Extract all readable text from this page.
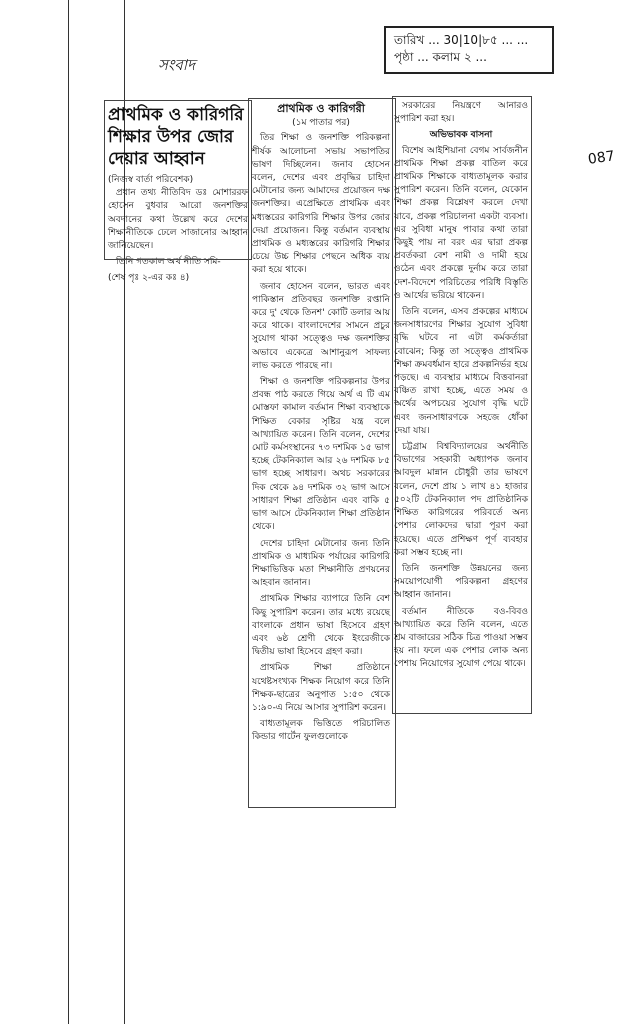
তারিখ ... 30|10|৮৫ ... ...
পৃষ্ঠা ... কলাম ২ ...
সংবাদ
087
প্রাথমিক ও কারিগরি শিক্ষার উপর জোর দেয়ার আহ্বান
(নিজস্ব বার্তা পরিবেশক)

প্রধান তথ্য নীতিবিদ ডঃ মোশাররফ হোসেন বুধবার আরো জনশক্তির অবদানের কথা উল্লেখ করে দেশের শিক্ষানীতিকে ঢেলে সাজানোর আহ্বান জানিয়েছেন।

তিনি গতকাল অর্থ নীতি সমি-

(শেষ পৃঃ ২-এর কঃ ৪)
প্রাথমিক ও কারিগরী
(১ম পাতার পর)

তির শিক্ষা ও জনশক্তি পরিকল্পনা শীর্ষক আলোচনা সভায় সভাপতির ভাষণ দিচ্ছিলেন। জনাব হোসেন বলেন, দেশের এবং প্রবৃদ্ধির চাহিদা মেটানোর জন্য আমাদের প্রয়োজন দক্ষ জনশক্তির। এপ্রেক্ষিতে প্রাথমিক এবং মধ্যস্তরের কারিগরি শিক্ষার উপর জোর দেয়া প্রয়োজন। কিন্তু বর্তমান ব্যবস্থায় প্রাথমিক ও মধ্যস্তরের কারিগরি শিক্ষার চেয়ে উচ্চ শিক্ষার পেছনে অধিক ব্যয় করা হয়ে থাকে।

জনাব হোসেন বলেন, ভারত এবং পাকিস্তান প্রতিবছর জনশক্তি রপ্তানি করে দু' থেকে তিনশ' কোটি ডলার আয় করে থাকে। বাংলাদেশের সামনে প্রচুর সুযোগ থাকা সত্ত্বেও দক্ষ জনশক্তির অভাবে একেত্রে আশানুরূপ সাফল্য লাভ করতে পারছে না।

শিক্ষা ও জনশক্তি পরিকল্পনার উপর প্রবন্ধ পাঠ করতে গিয়ে অর্থ এ টি এম মোস্তফা কামাল বর্তমান শিক্ষা ব্যবস্থাকে শিক্ষিত বেকার সৃষ্টির যন্ত্র বলে আখ্যায়িত করেন। তিনি বলেন, দেশের মোট কর্মসংস্থানের ৭৩ দশমিক ১৫ ভাগ হচ্ছে টেকনিক্যাল আর ২৬ দশমিক ৮৫ ভাগ হচ্ছে সাধারণ। অথচ সরকারের দিক থেকে ৯৪ দশমিক ৩২ ভাগ আসে সাধারণ শিক্ষা প্রতিষ্ঠান এবং বাকি ৫ ভাগ আসে টেকনিক্যাল শিক্ষা প্রতিষ্ঠান থেকে।

দেশের চাহিদা মেটানোর জন্য তিনি প্রাথমিক ও মাধ্যমিক পর্যায়ের কারিগরি শিক্ষাভিত্তিক মতা শিক্ষানীতি প্রণয়নের আহবান জানান।

প্রাথমিক শিক্ষার ব্যাপারে তিনি বেশ কিছু সুপারিশ করেন। তার মধ্যে রয়েছে বাংলাকে প্রধান ভাষা হিসেবে গ্রহণ এবং ৬ষ্ঠ শ্রেণী থেকে ইংরেজীকে দ্বিতীয় ভাষা হিসেবে গ্রহণ করা।

প্রাথমিক শিক্ষা প্রতিষ্ঠানে যথেষ্টসংখ্যক শিক্ষক নিয়োগ করে তিনি শিক্ষক-ছাত্রের অনুপাত ১:৫০ থেকে ১:৯০-এ নিয়ে আসার সুপারিশ করেন।

বাধ্যতামূলক ভিত্তিতে পরিচালিত কিন্ডার গার্টেন ফুলগুলোকে

সরকারের নিয়ন্ত্রণে আনারও সুপারিশ করা হয়।

অভিভাবক বাসনা

বিশেষ আইশিয়ানা বেগম সার্বজনীন প্রাথমিক শিক্ষা প্রকল্প বাতিল করে প্রাথমিক শিক্ষাকে বাধ্যতামূলক করার সুপারিশ করেন। তিনি বলেন, যেকোন শিক্ষা প্রকল্প বিশ্লেষণ করলে দেখা যাবে, প্রকল্প পরিচালনা একটা ব্যবসা। এর সুবিধা মানুষ পাবার কথা তারা কিছুই পায় না বরং এর দ্বারা প্রকল্প প্রবর্তকরা বেশ নামী ও দামী হয়ে ওঠেন এবং প্রকল্পে দুর্নাম করে তারা দেশ-বিদেশে পরিচিতের পরিধি বিস্তৃতি ও আর্থের ভরিয়ে থাকেন।

তিনি বলেন, এসব প্রকল্পের মাধ্যমে জনসাধারণের শিক্ষার সুযোগ সুবিধা বৃদ্ধি ঘটবে না এটা কর্মকর্তারা বোঝেন; কিন্তু তা সত্ত্বেও প্রাথমিক শিক্ষা ক্রমবর্ধমান হারে প্রকল্পনির্ভর হয়ে পড়ছে। এ ব্যবস্থার মাধ্যমে বিত্তবানরা বঞ্চিত রাখা হচ্ছে, এতে সময় ও অর্থের অপচয়ের সুযোগ বৃদ্ধি ঘটে এবং জনসাধারণকে সহজে ধোঁকা দেয়া যায়।

চট্টগ্রাম বিশ্ববিদ্যালয়ের অর্থনীতি বিভাগের সহকারী অধ্যাপক জনাব আবদুল মান্নান চৌধুরী তার ভাষণে বলেন, দেশে প্রায় ১ লাখ ৪১ হাজার ৫০২টি টেকনিক্যাল পদ প্রাতিষ্ঠানিক শিক্ষিত কারিগরের পরিবর্তে অন্য পেশার লোকদের দ্বারা পূরণ করা হয়েছে। এতে প্রশিক্ষণ পূর্ণ ব্যবহার করা সম্ভব হচ্ছে না।

তিনি জনশক্তি উন্নয়নের জন্য সময়োপযোগী পরিকল্পনা গ্রহণের আহ্বান জানান।

বর্তমান নীতিকে বও-বিবও আখ্যায়িত করে তিনি বলেন, এতে শ্রম বাজারের সঠিক চিত্র পাওয়া সম্ভব হয় না। ফলে এক পেশার লোক অন্য পেশায় নিয়োগের সুযোগ পেয়ে থাকে।
